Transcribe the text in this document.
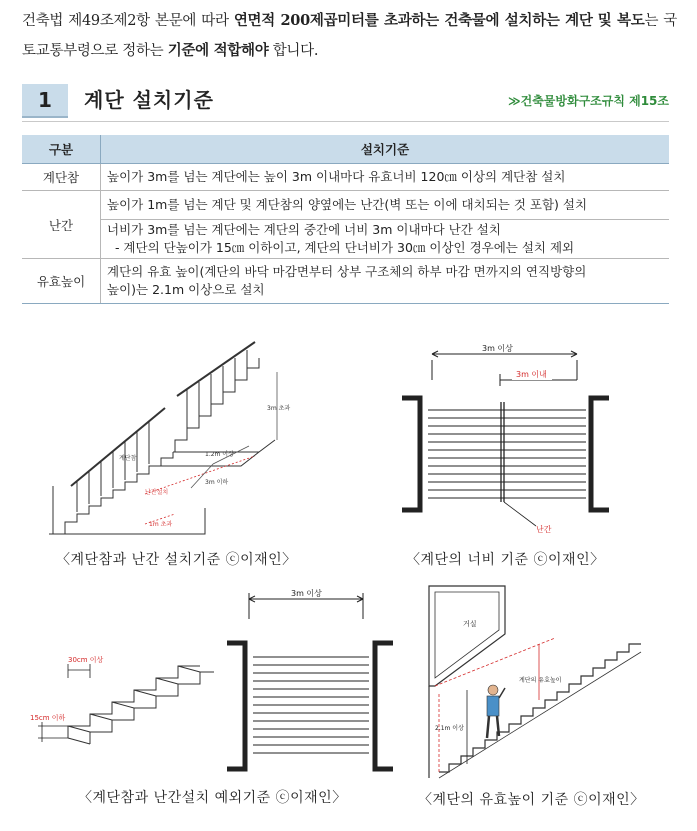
건축법 제49조제2항 본문에 따라 연면적 200제곱미터를 초과하는 건축물에 설치하는 계단 및 복도는 국토교통부령으로 정하는 기준에 적합해야 합니다.
1	계단 설치기준	≫건축물방화구조규칙 제15조
구분	설치기준
계단참	높이가 3m를 넘는 계단에는 높이 3m 이내마다 유효너비 120㎝ 이상의 계단참 설치
난간	높이가 1m를 넘는 계단 및 계단참의 양옆에는 난간(벽 또는 이에 대치되는 것 포함) 설치

	너비가 3m를 넘는 계단에는 계단의 중간에 너비 3m 이내마다 난간 설치
- 계단의 단높이가 15㎝ 이하이고, 계단의 단너비가 30㎝ 이상인 경우에는 설치 제외

유효높이	계단의 유효 높이(계단의 바닥 마감면부터 상부 구조체의 하부 마감 면까지의 연직방향의
높이)는 2.1m 이상으로 설치
3m 초과
1.2m 이상
계단참
3m 이하
난간설치
1m 초과
〈계단참과 난간 설치기준 ⓒ이재인〉
3m 이상
3m 이내
난간
〈계단의 너비 기준 ⓒ이재인〉
30cm 이상
15cm 이하
3m 이상
〈계단참과 난간설치 예외기준 ⓒ이재인〉
거실
계단의 유효높이
2.1m 이상
〈계단의 유효높이 기준 ⓒ이재인〉
